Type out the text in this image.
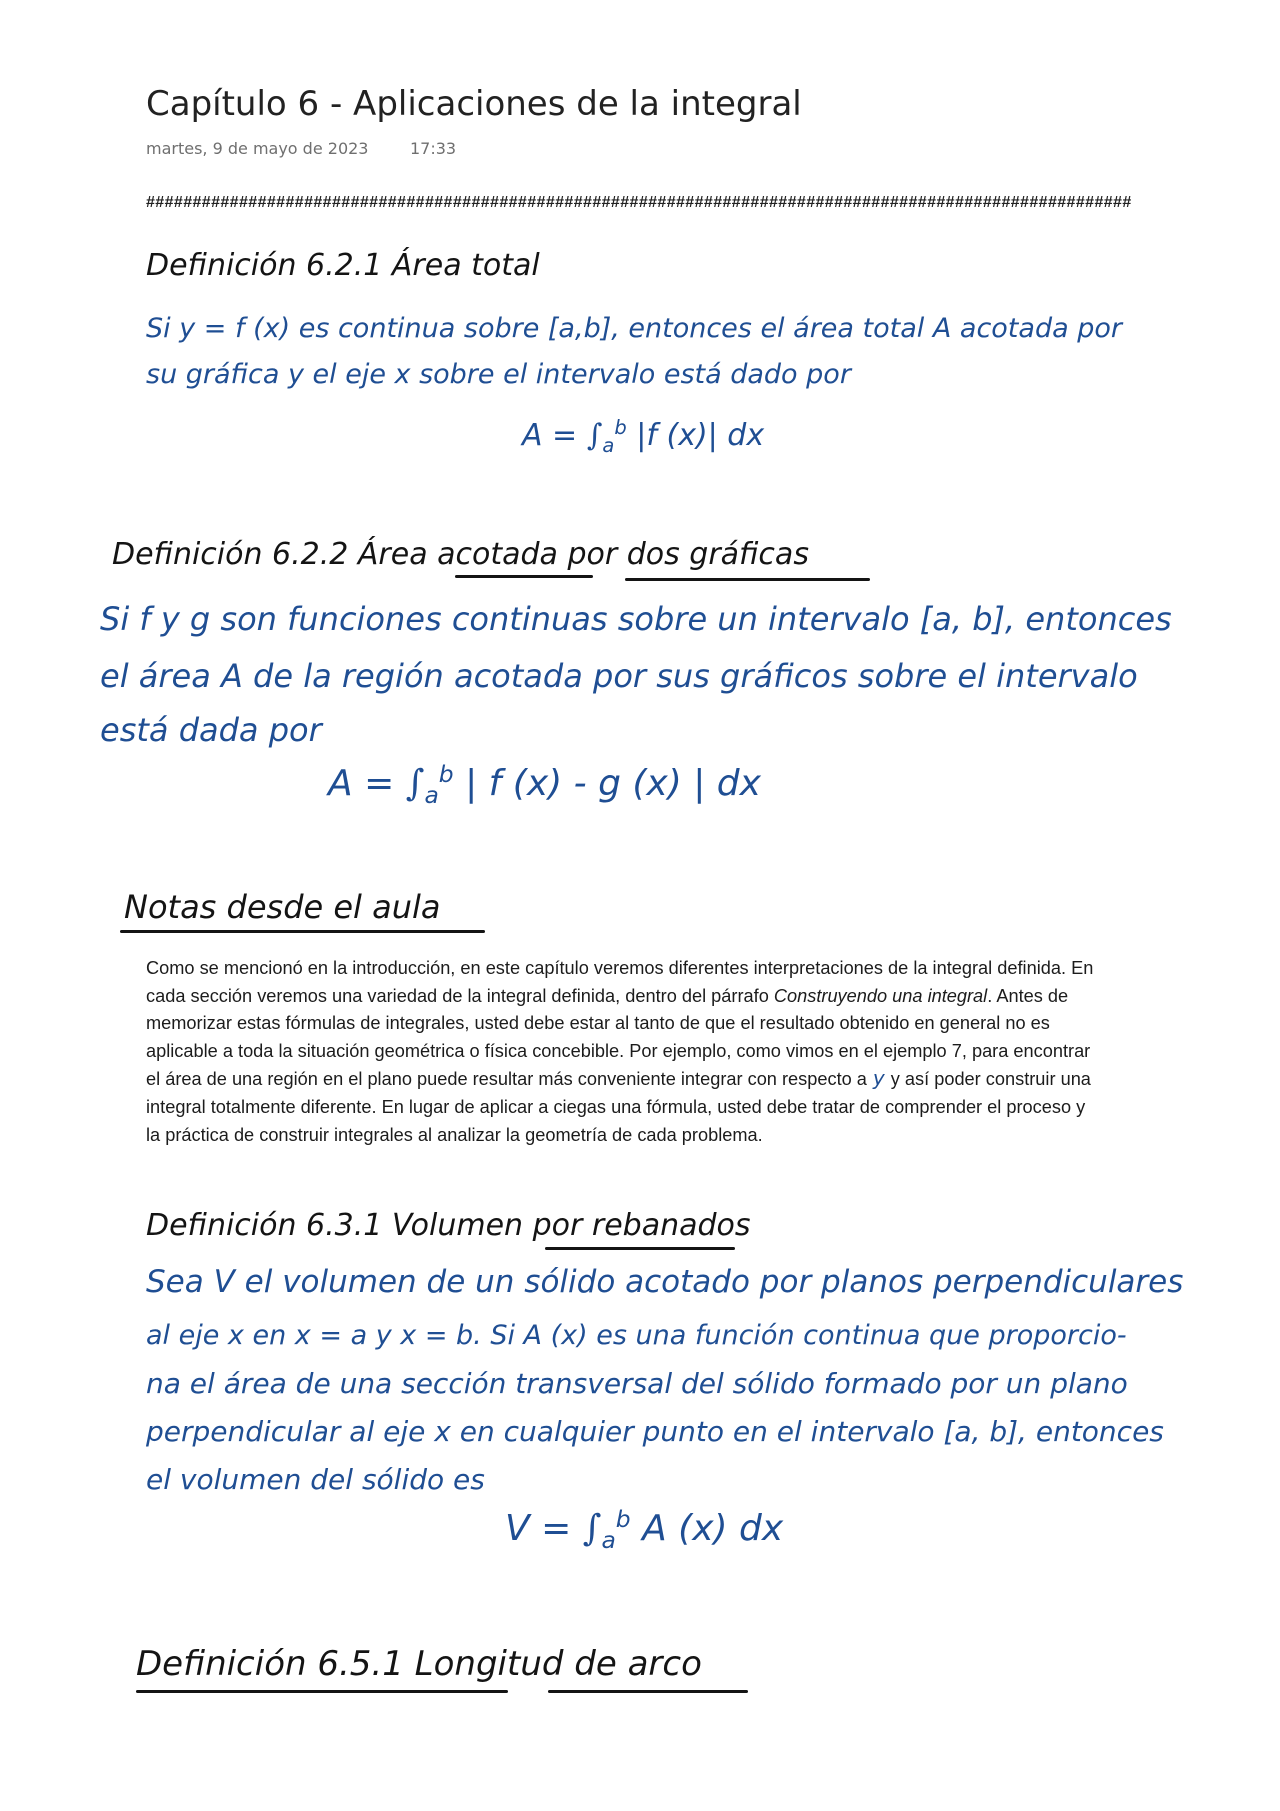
Capítulo 6 - Aplicaciones de la integral
martes, 9 de mayo de 2023	17:33
##########################################################################################################
Definición 6.2.1 Área total
Si y = f (x) es continua sobre [a,b], entonces el área total A acotada por
su gráfica y el eje x sobre el intervalo está dado por
$A = \int_a^b$ |f (x)| dx
Definición 6.2.2 Área acotada por dos gráficas
Si f y g son funciones continuas sobre un intervalo [a, b], entonces
el área A de la región acotada por sus gráficos sobre el intervalo
está dada por
$A = \int_a^b$ | f (x) - g (x) | dx
Notas desde el aula
Como se mencionó en la introducción, en este capítulo veremos diferentes interpretaciones de la integral definida. En cada sección veremos una variedad de la integral definida, dentro del párrafo Construyendo una integral. Antes de memorizar estas fórmulas de integrales, usted debe estar al tanto de que el resultado obtenido en general no es aplicable a toda la situación geométrica o física concebible. Por ejemplo, como vimos en el ejemplo 7, para encontrar el área de una región en el plano puede resultar más conveniente integrar con respecto a y y así poder construir una integral totalmente diferente. En lugar de aplicar a ciegas una fórmula, usted debe tratar de comprender el proceso y la práctica de construir integrales al analizar la geometría de cada problema.
Definición 6.3.1 Volumen por rebanados
Sea V el volumen de un sólido acotado por planos perpendiculares
al eje x en x = a y x = b. Si A (x) es una función continua que proporcio-
na el área de una sección transversal del sólido formado por un plano
perpendicular al eje x en cualquier punto en el intervalo [a, b], entonces
el volumen del sólido es
$V = \int_a^b$ A (x) dx
Definición 6.5.1 Longitud de arco
